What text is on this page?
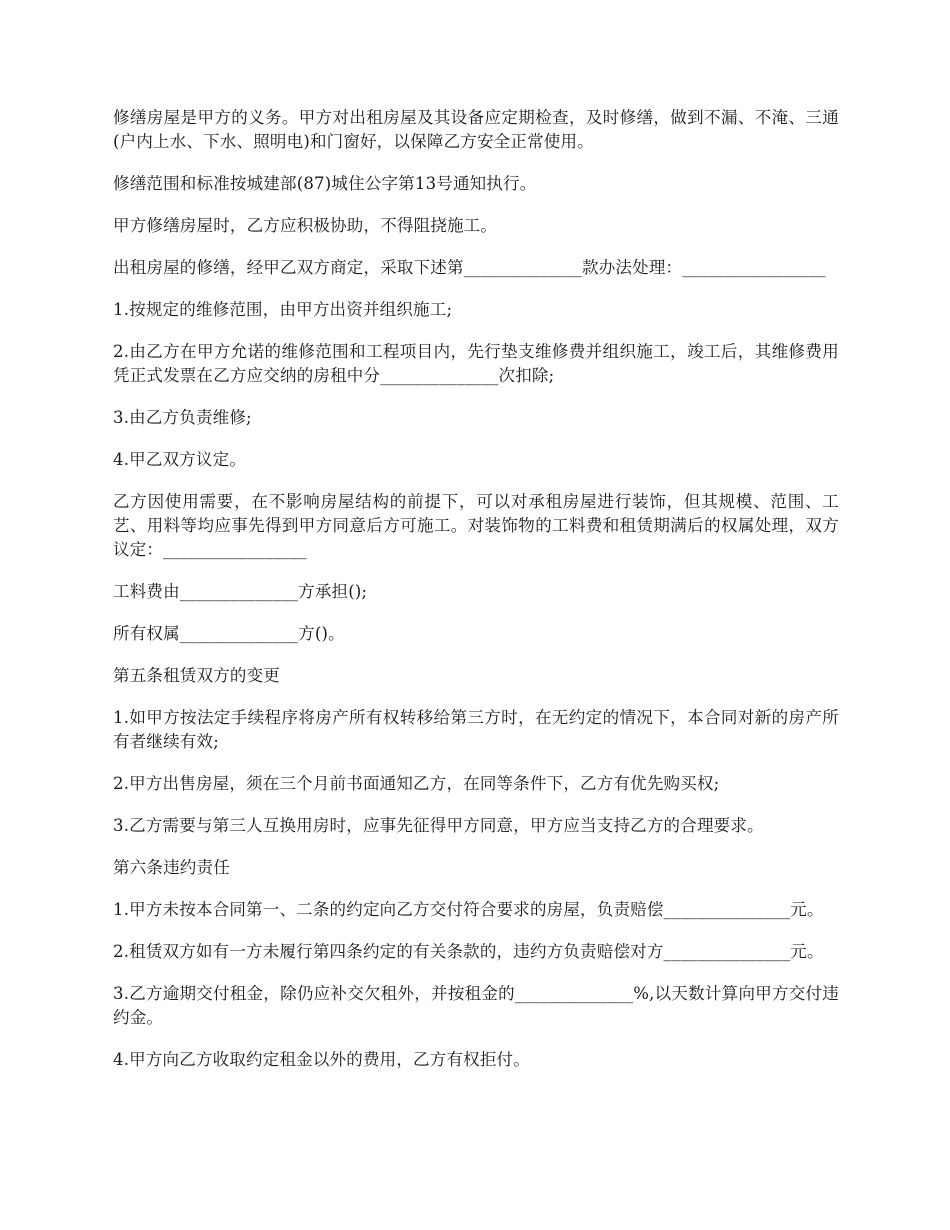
修缮房屋是甲方的义务。甲方对出租房屋及其设备应定期检查，及时修缮，做到不漏、不淹、三通(户内上水、下水、照明电)和门窗好，以保障乙方安全正常使用。

修缮范围和标准按城建部(87)城住公字第13号通知执行。

甲方修缮房屋时，乙方应积极协助，不得阻挠施工。

出租房屋的修缮，经甲乙双方商定，采取下述第______________款办法处理：_________________

1.按规定的维修范围，由甲方出资并组织施工;

2.由乙方在甲方允诺的维修范围和工程项目内，先行垫支维修费并组织施工，竣工后，其维修费用凭正式发票在乙方应交纳的房租中分______________次扣除;

3.由乙方负责维修;

4.甲乙双方议定。

乙方因使用需要，在不影响房屋结构的前提下，可以对承租房屋进行装饰，但其规模、范围、工艺、用料等均应事先得到甲方同意后方可施工。对装饰物的工料费和租赁期满后的权属处理，双方议定：_________________

工料费由______________方承担();

所有权属______________方()。

第五条租赁双方的变更

1.如甲方按法定手续程序将房产所有权转移给第三方时，在无约定的情况下，本合同对新的房产所有者继续有效;

2.甲方出售房屋，须在三个月前书面通知乙方，在同等条件下，乙方有优先购买权;

3.乙方需要与第三人互换用房时，应事先征得甲方同意，甲方应当支持乙方的合理要求。

第六条违约责任

1.甲方未按本合同第一、二条的约定向乙方交付符合要求的房屋，负责赔偿_______________元。

2.租赁双方如有一方未履行第四条约定的有关条款的，违约方负责赔偿对方_______________元。

3.乙方逾期交付租金，除仍应补交欠租外，并按租金的______________%,以天数计算向甲方交付违约金。

4.甲方向乙方收取约定租金以外的费用，乙方有权拒付。
